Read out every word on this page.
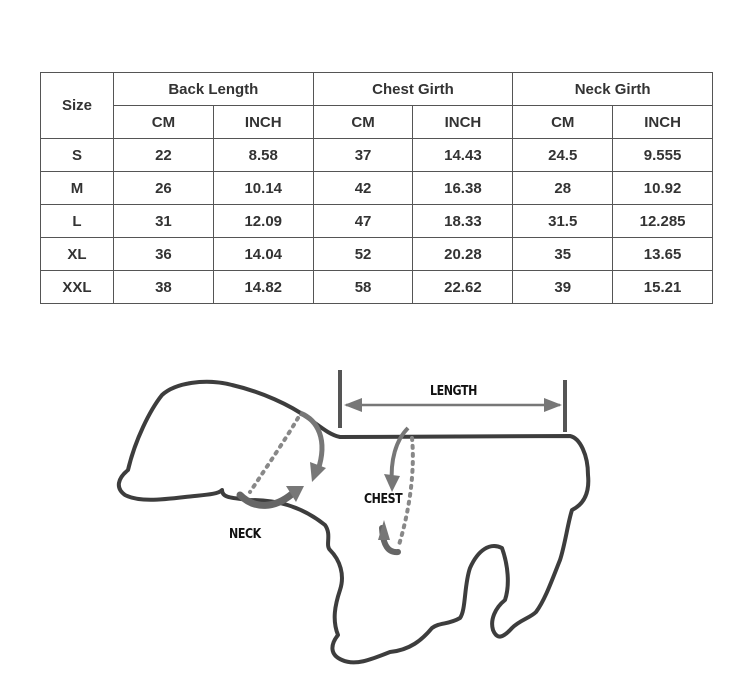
Size	Back Length		Chest Girth		Neck Girth	
	CM	INCH	CM	INCH	CM	INCH
S	22	8.58	37	14.43	24.5	9.555
M	26	10.14	42	16.38	28	10.92
L	31	12.09	47	18.33	31.5	12.285
XL	36	14.04	52	20.28	35	13.65
XXL	38	14.82	58	22.62	39	15.21
LENGTH
CHEST
NECK
